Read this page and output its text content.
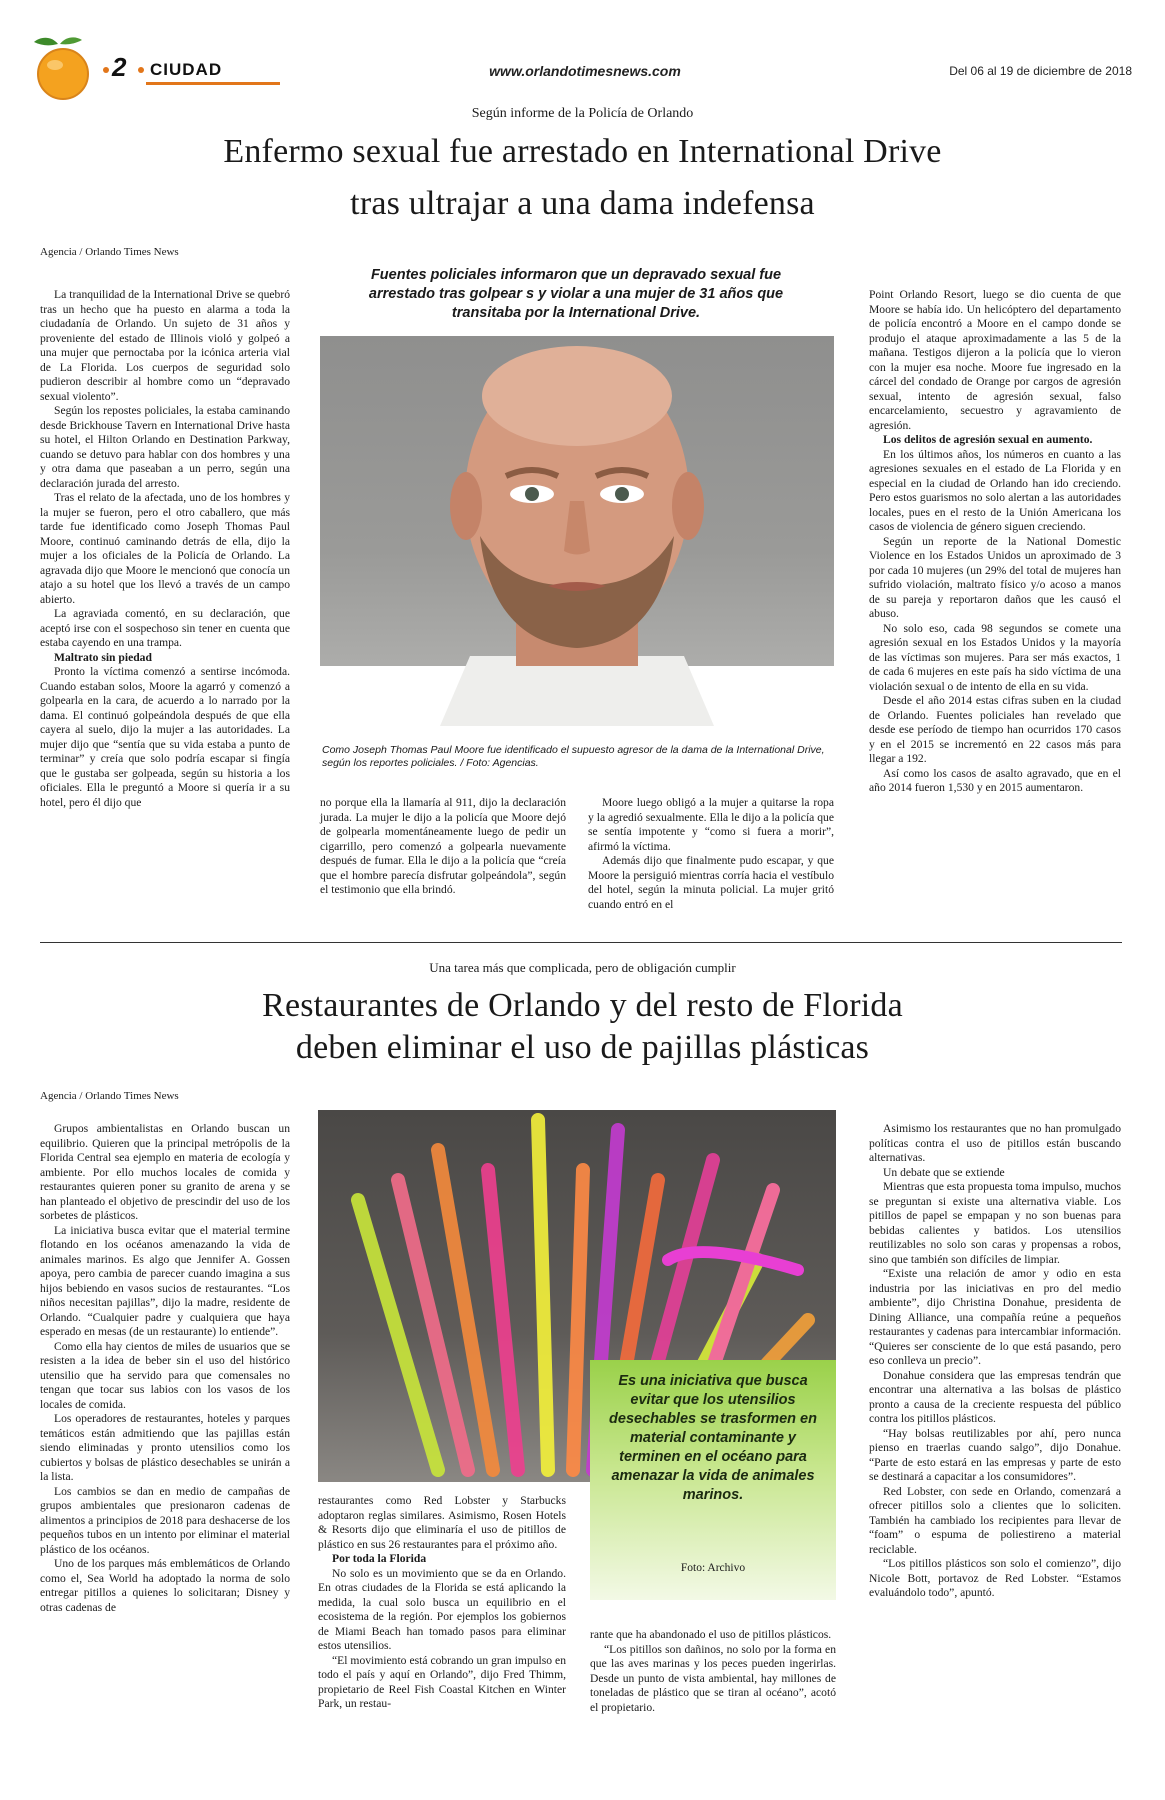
2 CIUDAD	www.orlandotimesnews.com	Del 06 al 19 de diciembre de 2018
Según informe de la Policía de Orlando
Enfermo sexual fue arrestado en International Drive
tras ultrajar a una dama indefensa
Agencia / Orlando Times News
Fuentes policiales informaron que un depravado sexual fue arrestado tras golpear s y violar a una mujer de 31 años que transitaba por la International Drive.
Como Joseph Thomas Paul Moore fue identificado el supuesto agresor de la dama de la International Drive, según los reportes policiales. / Foto: Agencias.

La tranquilidad de la International Drive se quebró tras un hecho que ha puesto en alarma a toda la ciudadanía de Orlando. Un sujeto de 31 años y proveniente del estado de Illinois violó y golpeó a una mujer que pernoctaba por la icónica arteria vial de La Florida. Los cuerpos de seguridad solo pudieron describir al hombre como un “depravado sexual violento”.

Según los repostes policiales, la estaba caminando desde Brickhouse Tavern en International Drive hasta su hotel, el Hilton Orlando en Destination Parkway, cuando se detuvo para hablar con dos hombres y una y otra dama que paseaban a un perro, según una declaración jurada del arresto.

Tras el relato de la afectada, uno de los hombres y la mujer se fueron, pero el otro caballero, que más tarde fue identificado como Joseph Thomas Paul Moore, continuó caminando detrás de ella, dijo la mujer a los oficiales de la Policía de Orlando. La agravada dijo que Moore le mencionó que conocía un atajo a su hotel que los llevó a través de un campo abierto.

La agraviada comentó, en su declaración, que aceptó irse con el sospechoso sin tener en cuenta que estaba cayendo en una trampa.

Maltrato sin piedad

Pronto la víctima comenzó a sentirse incómoda. Cuando estaban solos, Moore la agarró y comenzó a golpearla en la cara, de acuerdo a lo narrado por la dama. El continuó golpeándola después de que ella cayera al suelo, dijo la mujer a las autoridades. La mujer dijo que “sentía que su vida estaba a punto de terminar” y creía que solo podría escapar si fingía que le gustaba ser golpeada, según su historia a los oficiales. Ella le preguntó a Moore si quería ir a su hotel, pero él dijo que	no porque ella la llamaría al 911, dijo la declaración jurada. La mujer le dijo a la policía que Moore dejó de golpearla momentáneamente luego de pedir un cigarrillo, pero comenzó a golpearla nuevamente después de fumar. Ella le dijo a la policía que “creía que el hombre parecía disfrutar golpeándola”, según el testimonio que ella brindó.

Moore luego obligó a la mujer a quitarse la ropa y la agredió sexualmente. Ella le dijo a la policía que se sentía impotente y “como si fuera a morir”, afirmó la víctima.

Además dijo que finalmente pudo escapar, y que Moore la persiguió mientras corría hacia el vestíbulo del hotel, según la minuta policial. La mujer gritó cuando entró en el

Point Orlando Resort, luego se dio cuenta de que Moore se había ido. Un helicóptero del departamento de policía encontró a Moore en el campo donde se produjo el ataque aproximadamente a las 5 de la mañana. Testigos dijeron a la policía que lo vieron con la mujer esa noche. Moore fue ingresado en la cárcel del condado de Orange por cargos de agresión sexual, intento de agresión sexual, falso encarcelamiento, secuestro y agravamiento de agresión.

Los delitos de agresión sexual en aumento.

En los últimos años, los números en cuanto a las agresiones sexuales en el estado de La Florida y en especial en la ciudad de Orlando han ido creciendo. Pero estos guarismos no solo alertan a las autoridades locales, pues en el resto de la Unión Americana los casos de violencia de género siguen creciendo.

Según un reporte de la National Domestic Violence en los Estados Unidos un aproximado de 3 por cada 10 mujeres (un 29% del total de mujeres han sufrido violación, maltrato físico y/o acoso a manos de su pareja y reportaron daños que les causó el abuso.

No solo eso, cada 98 segundos se comete una agresión sexual en los Estados Unidos y la mayoría de las víctimas son mujeres. Para ser más exactos, 1 de cada 6 mujeres en este país ha sido víctima de una violación sexual o de intento de ella en su vida.

Desde el año 2014 estas cifras suben en la ciudad de Orlando. Fuentes policiales han revelado que desde ese período de tiempo han ocurridos 170 casos y en el 2015 se incrementó en 22 casos más para llegar a 192.

Así como los casos de asalto agravado, que en el año 2014 fueron 1,530 y en 2015 aumentaron.

Una tarea más que complicada, pero de obligación cumplir
Restaurantes de Orlando y del resto de Florida
deben eliminar el uso de pajillas plásticas
Agencia / Orlando Times News
Es una iniciativa que busca evitar que los utensilios desechables se trasformen en material contaminante y terminen en el océano para amenazar la vida de animales marinos.
Foto: Archivo

Grupos ambientalistas en Orlando buscan un equilibrio. Quieren que la principal metrópolis de la Florida Central sea ejemplo en materia de ecología y ambiente. Por ello muchos locales de comida y restaurantes quieren poner su granito de arena y se han planteado el objetivo de prescindir del uso de los sorbetes de plásticos.

La iniciativa busca evitar que el material termine flotando en los océanos amenazando la vida de animales marinos. Es algo que Jennifer A. Gossen apoya, pero cambia de parecer cuando imagina a sus hijos bebiendo en vasos sucios de restaurantes. “Los niños necesitan pajillas”, dijo la madre, residente de Orlando. “Cualquier padre y cualquiera que haya esperado en mesas (de un restaurante) lo entiende”.

Como ella hay cientos de miles de usuarios que se resisten a la idea de beber sin el uso del histórico utensilio que ha servido para que comensales no tengan que tocar sus labios con los vasos de los locales de comida.

Los operadores de restaurantes, hoteles y parques temáticos están admitiendo que las pajillas están siendo eliminadas y pronto utensilios como los cubiertos y bolsas de plástico desechables se unirán a la lista.

Los cambios se dan en medio de campañas de grupos ambientales que presionaron cadenas de alimentos a principios de 2018 para deshacerse de los pequeños tubos en un intento por eliminar el material plástico de los océanos.

Uno de los parques más emblemáticos de Orlando como el, Sea World ha adoptado la norma de solo entregar pitillos a quienes lo solicitaran; Disney y otras cadenas de

restaurantes como Red Lobster y Starbucks adoptaron reglas similares. Asimismo, Rosen Hotels & Resorts dijo que eliminaría el uso de pitillos de plástico en sus 26 restaurantes para el próximo año.

Por toda la Florida

No solo es un movimiento que se da en Orlando. En otras ciudades de la Florida se está aplicando la medida, la cual solo busca un equilibrio en el ecosistema de la región. Por ejemplos los gobiernos de Miami Beach han tomado pasos para eliminar estos utensilios.

“El movimiento está cobrando un gran impulso en todo el país y aquí en Orlando”, dijo Fred Thimm, propietario de Reel Fish Coastal Kitchen en Winter Park, un restau-

rante que ha abandonado el uso de pitillos plásticos.

“Los pitillos son dañinos, no solo por la forma en que las aves marinas y los peces pueden ingerirlas. Desde un punto de vista ambiental, hay millones de toneladas de plástico que se tiran al océano”, acotó el propietario.

Asimismo los restaurantes que no han promulgado políticas contra el uso de pitillos están buscando alternativas.

Un debate que se extiende

Mientras que esta propuesta toma impulso, muchos se preguntan si existe una alternativa viable. Los pitillos de papel se empapan y no son buenas para bebidas calientes y batidos. Los utensilios reutilizables no solo son caras y propensas a robos, sino que también son difíciles de limpiar.

“Existe una relación de amor y odio en esta industria por las iniciativas en pro del medio ambiente”, dijo Christina Donahue, presidenta de Dining Alliance, una compañía reúne a pequeños restaurantes y cadenas para intercambiar información. “Quieres ser consciente de lo que está pasando, pero eso conlleva un precio”.

Donahue considera que las empresas tendrán que encontrar una alternativa a las bolsas de plástico pronto a causa de la creciente respuesta del público contra los pitillos plásticos.

“Hay bolsas reutilizables por ahí, pero nunca pienso en traerlas cuando salgo”, dijo Donahue. “Parte de esto estará en las empresas y parte de esto se destinará a capacitar a los consumidores”.

Red Lobster, con sede en Orlando, comenzará a ofrecer pitillos solo a clientes que lo soliciten. También ha cambiado los recipientes para llevar de “foam” o espuma de poliestireno a material reciclable.

“Los pitillos plásticos son solo el comienzo”, dijo Nicole Bott, portavoz de Red Lobster. “Estamos evaluándolo todo”, apuntó.
